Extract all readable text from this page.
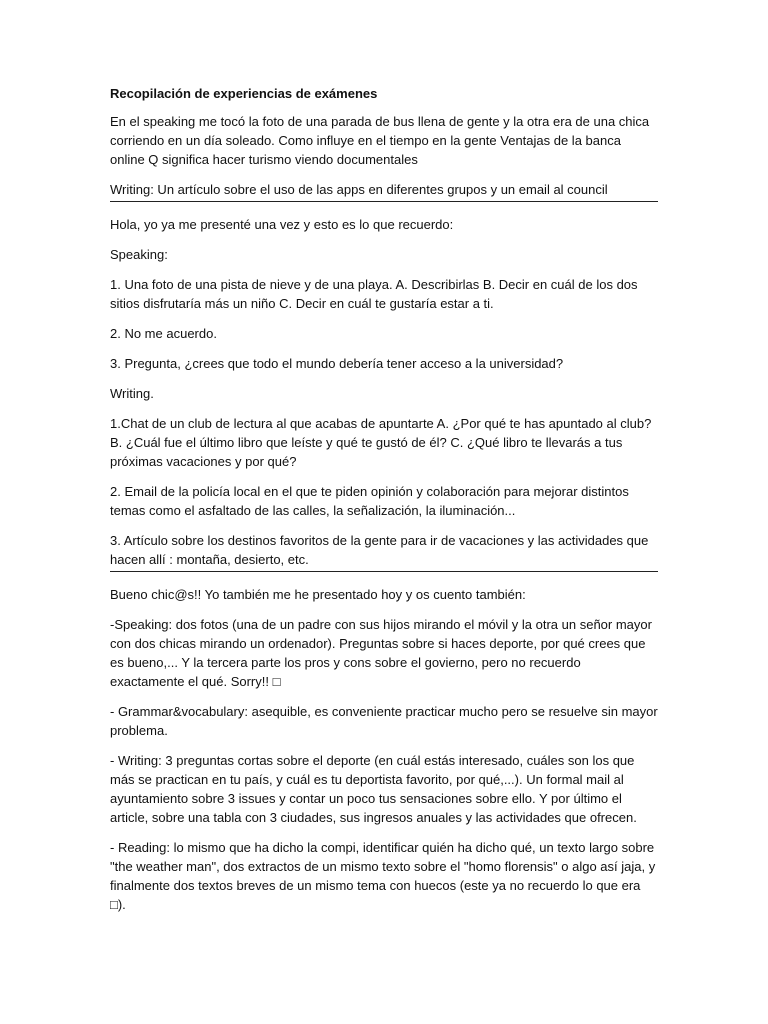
Recopilación de experiencias de exámenes

En el speaking me tocó la foto de una parada de bus llena de gente y la otra era de una chica corriendo en un día soleado. Como influye en el tiempo en la gente Ventajas de la banca online Q significa hacer turismo viendo documentales

Writing: Un artículo sobre el uso de las apps en diferentes grupos y un email al council

Hola, yo ya me presenté una vez y esto es lo que recuerdo:

Speaking:

1. Una foto de una pista de nieve y de una playa. A. Describirlas B. Decir en cuál de los dos sitios disfrutaría más un niño C. Decir en cuál te gustaría estar a ti.

2. No me acuerdo.

3. Pregunta, ¿crees que todo el mundo debería tener acceso a la universidad?

Writing.

1.Chat de un club de lectura al que acabas de apuntarte A. ¿Por qué te has apuntado al club? B. ¿Cuál fue el último libro que leíste y qué te gustó de él? C. ¿Qué libro te llevarás a tus próximas vacaciones y por qué?

2. Email de la policía local en el que te piden opinión y colaboración para mejorar distintos temas como el asfaltado de las calles, la señalización, la iluminación...

3. Artículo sobre los destinos favoritos de la gente para ir de vacaciones y las actividades que hacen allí : montaña, desierto, etc.

Bueno chic@s!! Yo también me he presentado hoy y os cuento también:

-Speaking: dos fotos (una de un padre con sus hijos mirando el móvil y la otra un señor mayor con dos chicas mirando un ordenador). Preguntas sobre si haces deporte, por qué crees que es bueno,... Y la tercera parte los pros y cons sobre el govierno, pero no recuerdo exactamente el qué. Sorry!! □

- Grammar&vocabulary: asequible, es conveniente practicar mucho pero se resuelve sin mayor problema.

- Writing: 3 preguntas cortas sobre el deporte (en cuál estás interesado, cuáles son los que más se practican en tu país, y cuál es tu deportista favorito, por qué,...). Un formal mail al ayuntamiento sobre 3 issues y contar un poco tus sensaciones sobre ello. Y por último el article, sobre una tabla con 3 ciudades, sus ingresos anuales y las actividades que ofrecen.

- Reading: lo mismo que ha dicho la compi, identificar quién ha dicho qué, un texto largo sobre "the weather man", dos extractos de un mismo texto sobre el "homo florensis" o algo así jaja, y finalmente dos textos breves de un mismo tema con huecos (este ya no recuerdo lo que era □).
